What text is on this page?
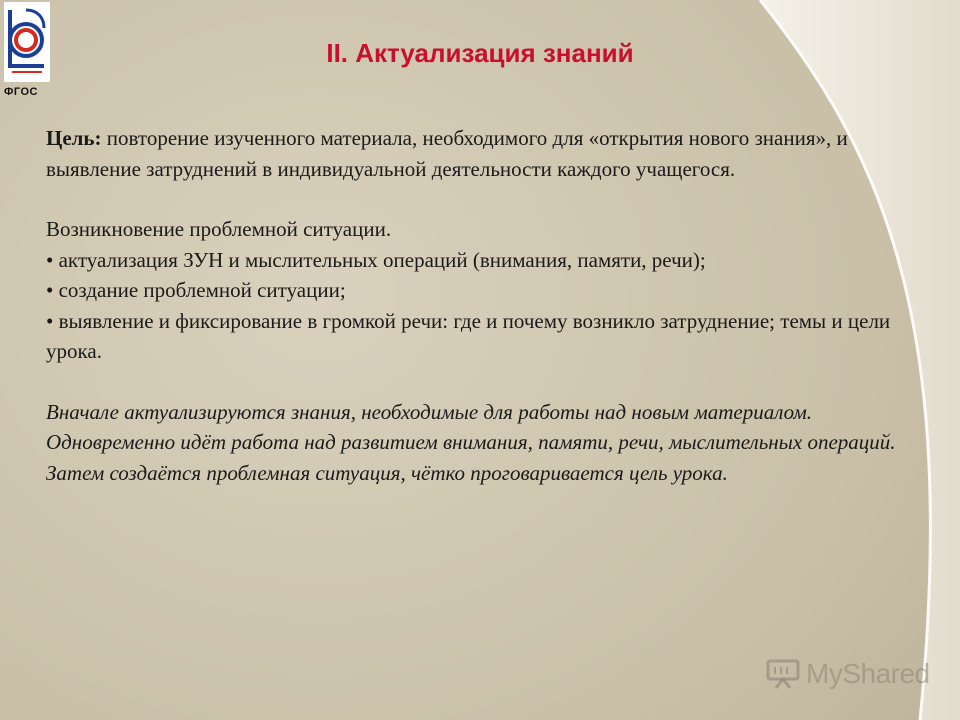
ФГОС
II. Актуализация знаний

Цель: повторение изученного материала, необходимого для «открытия нового знания», и выявление затруднений в индивидуальной деятельности каждого учащегося.

Возникновение проблемной ситуации.

• актуализация ЗУН и мыслительных операций (внимания, памяти, речи);

• создание проблемной ситуации;

• выявление и фиксирование в громкой речи: где и почему возникло затруднение; темы и цели урока.

Вначале актуализируются знания, необходимые для работы над новым материалом. Одновременно идёт работа над развитием внимания, памяти, речи, мыслительных операций.

Затем создаётся проблемная ситуация, чётко проговаривается цель урока.

MyShared
